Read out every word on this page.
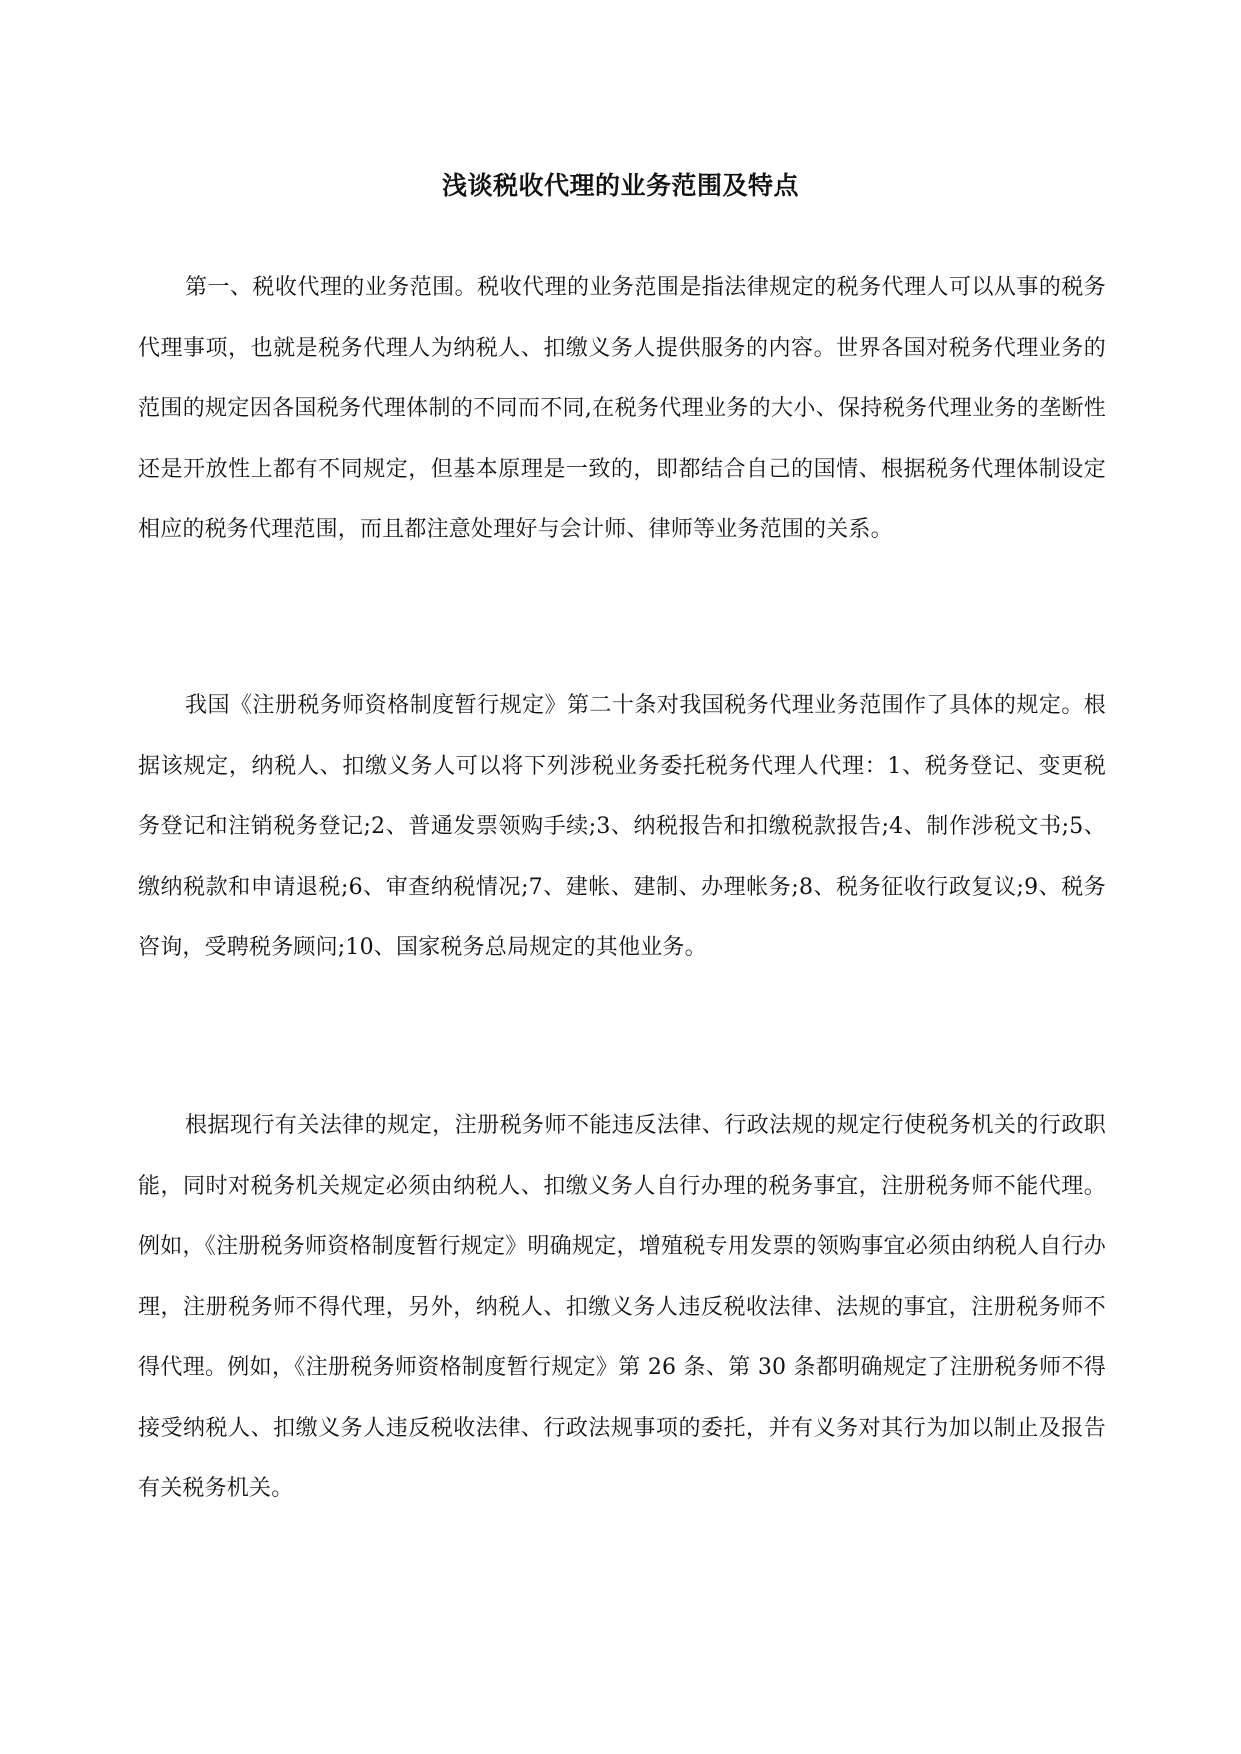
浅谈税收代理的业务范围及特点

第一、税收代理的业务范围。税收代理的业务范围是指法律规定的税务代理人可以从事的税务代理事项，也就是税务代理人为纳税人、扣缴义务人提供服务的内容。世界各国对税务代理业务的范围的规定因各国税务代理体制的不同而不同,在税务代理业务的大小、保持税务代理业务的垄断性还是开放性上都有不同规定，但基本原理是一致的，即都结合自己的国情、根据税务代理体制设定相应的税务代理范围，而且都注意处理好与会计师、律师等业务范围的关系。

我国《注册税务师资格制度暂行规定》第二十条对我国税务代理业务范围作了具体的规定。根据该规定，纳税人、扣缴义务人可以将下列涉税业务委托税务代理人代理：1、税务登记、变更税务登记和注销税务登记;2、普通发票领购手续;3、纳税报告和扣缴税款报告;4、制作涉税文书;5、缴纳税款和申请退税;6、审查纳税情况;7、建帐、建制、办理帐务;8、税务征收行政复议;9、税务咨询，受聘税务顾问;10、国家税务总局规定的其他业务。

根据现行有关法律的规定，注册税务师不能违反法律、行政法规的规定行使税务机关的行政职能，同时对税务机关规定必须由纳税人、扣缴义务人自行办理的税务事宜，注册税务师不能代理。例如，《注册税务师资格制度暂行规定》明确规定，增殖税专用发票的领购事宜必须由纳税人自行办理，注册税务师不得代理，另外，纳税人、扣缴义务人违反税收法律、法规的事宜，注册税务师不得代理。例如，《注册税务师资格制度暂行规定》第 26 条、第 30 条都明确规定了注册税务师不得接受纳税人、扣缴义务人违反税收法律、行政法规事项的委托，并有义务对其行为加以制止及报告有关税务机关。
